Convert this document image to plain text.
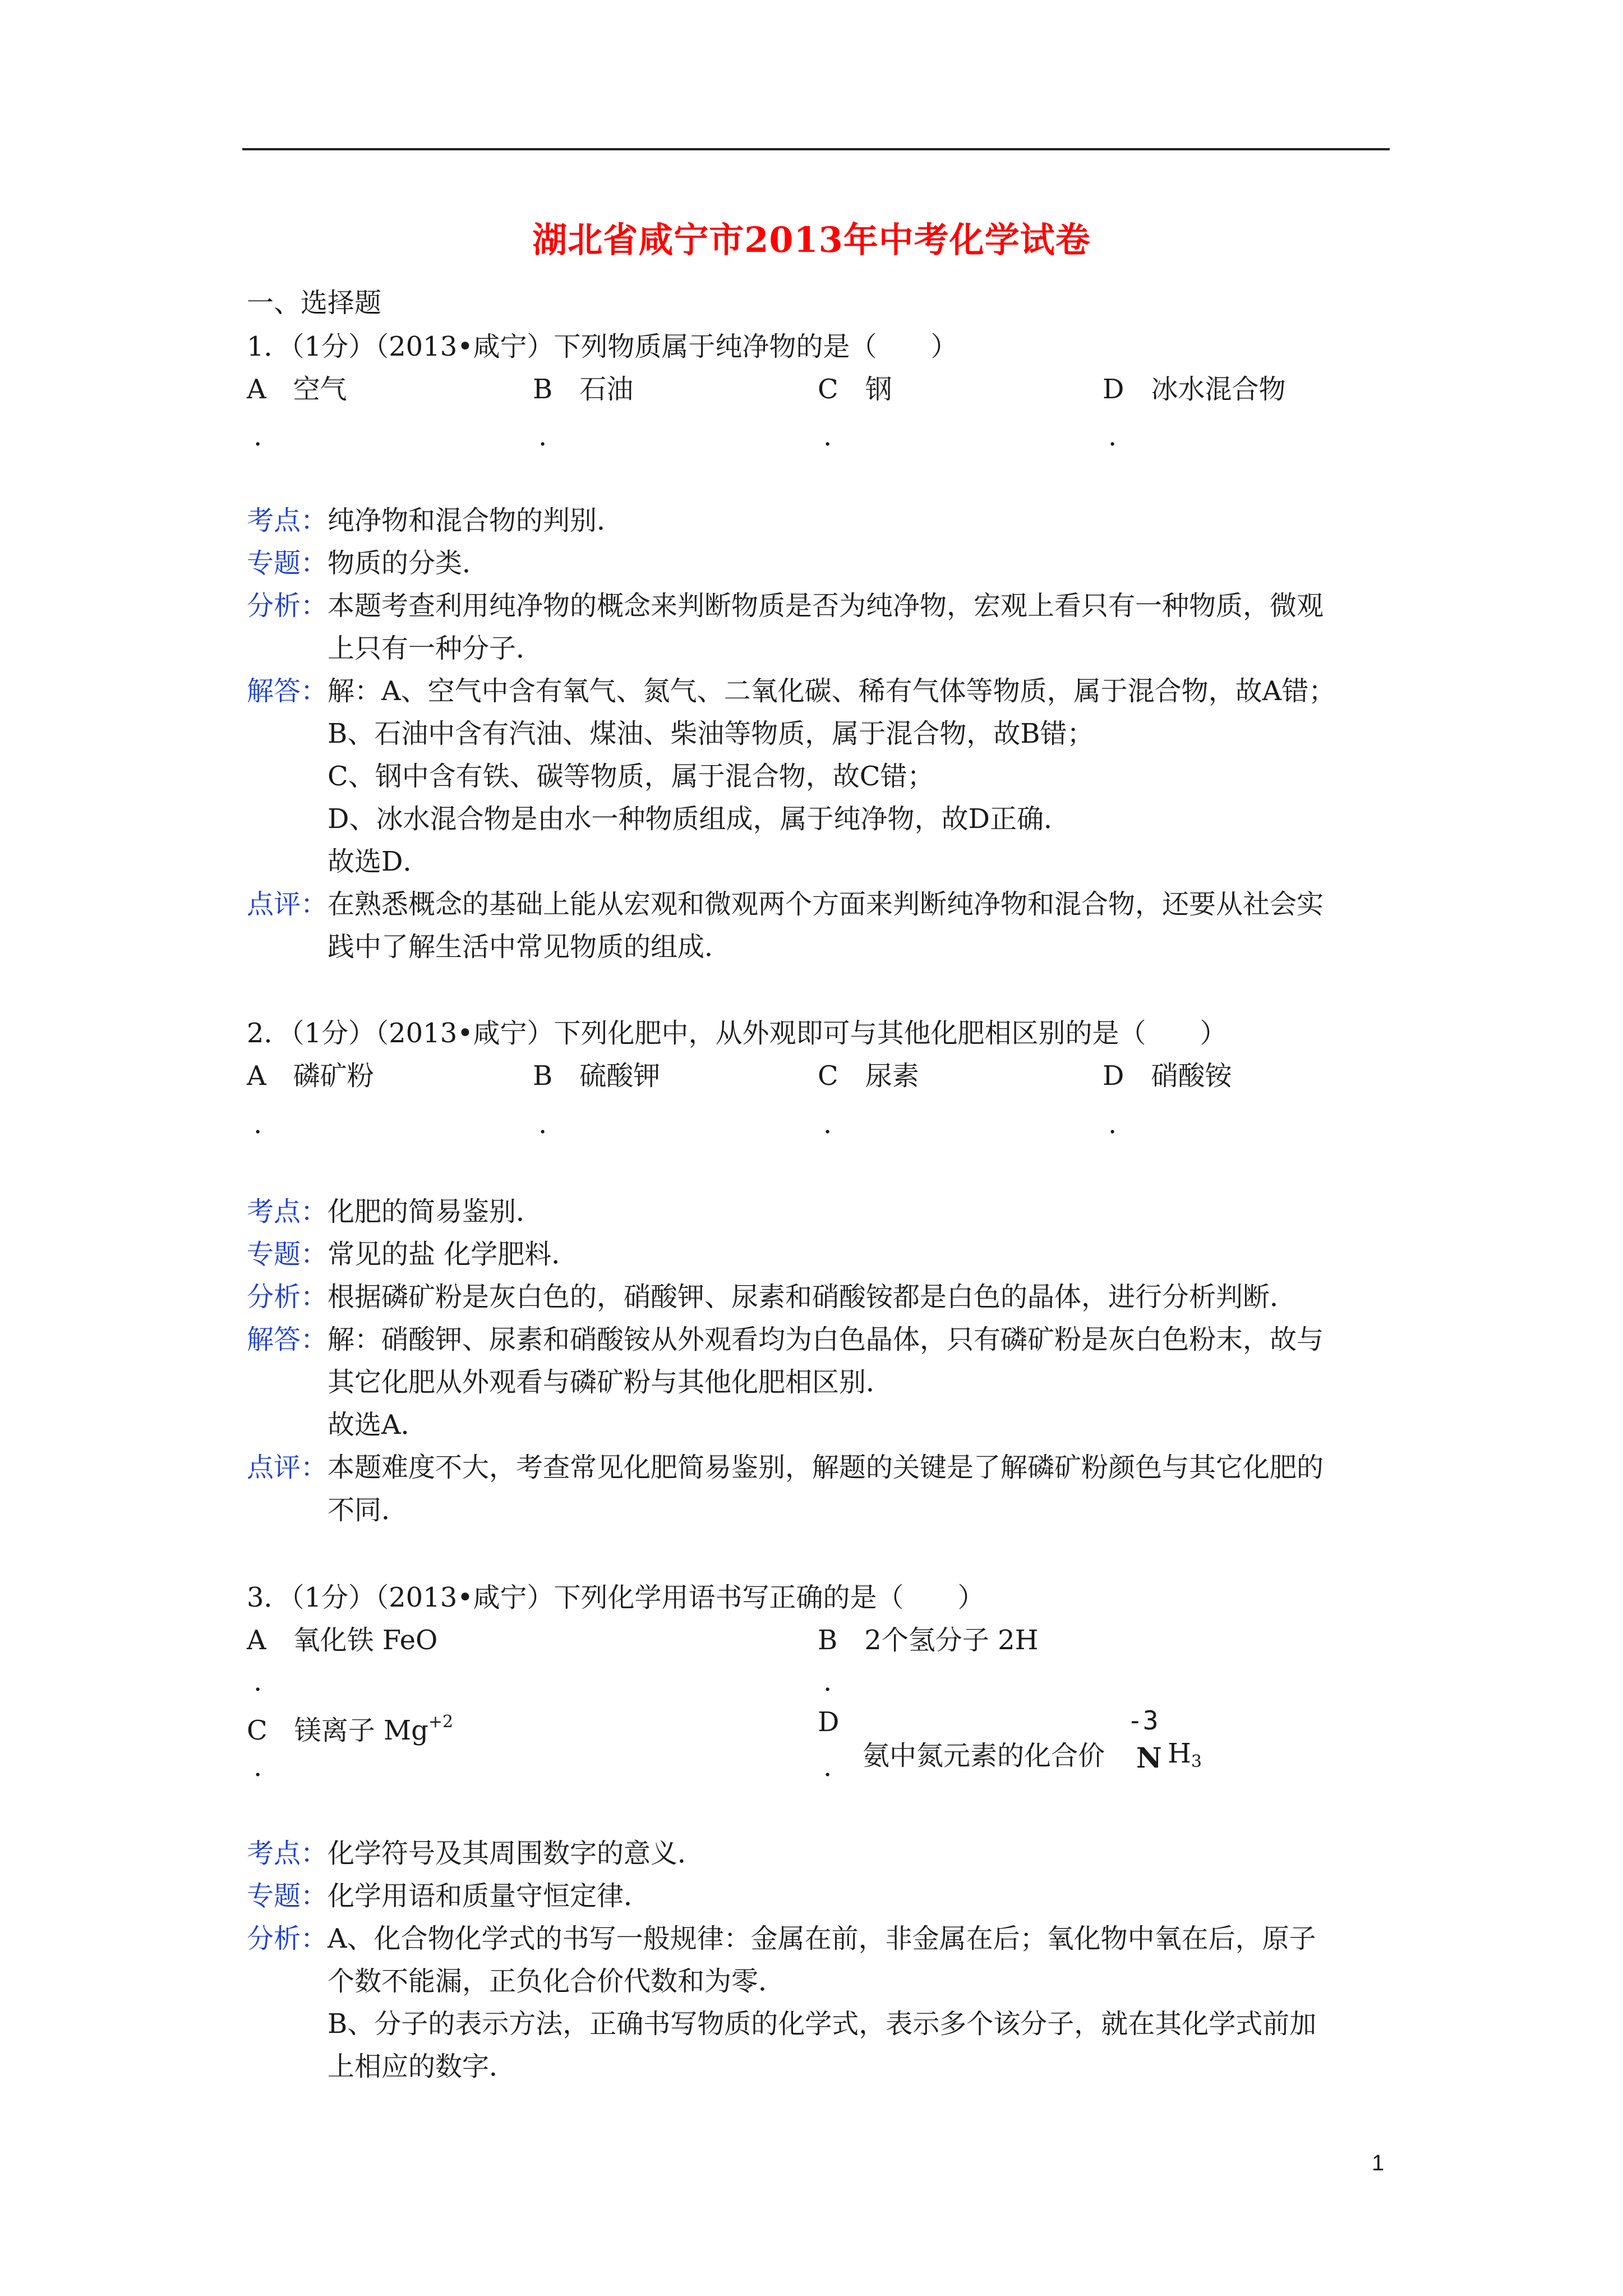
湖北省咸宁市2013年中考化学试卷
一、选择题
1．（1分）（2013•咸宁）下列物质属于纯净物的是（　　）
A　空气	B　石油	C　钢	D　冰水混合物
.	.	.	.
考点： 纯净物和混合物的判别．
专题： 物质的分类．
分析： 本题考查利用纯净物的概念来判断物质是否为纯净物，宏观上看只有一种物质，微观
上只有一种分子．
解答： 解：A、空气中含有氧气、氮气、二氧化碳、稀有气体等物质，属于混合物，故A错；
B、石油中含有汽油、煤油、柴油等物质，属于混合物，故B错；
C、钢中含有铁、碳等物质，属于混合物，故C错；
D、冰水混合物是由水一种物质组成，属于纯净物，故D正确．
故选D．
点评： 在熟悉概念的基础上能从宏观和微观两个方面来判断纯净物和混合物，还要从社会实
践中了解生活中常见物质的组成．
2．（1分）（2013•咸宁）下列化肥中，从外观即可与其他化肥相区别的是（　　）
A　磷矿粉	B　硫酸钾	C　尿素	D　硝酸铵
.	.	.	.
考点： 化肥的简易鉴别．
专题： 常见的盐 化学肥料．
分析： 根据磷矿粉是灰白色的，硝酸钾、尿素和硝酸铵都是白色的晶体，进行分析判断．
解答： 解：硝酸钾、尿素和硝酸铵从外观看均为白色晶体，只有磷矿粉是灰白色粉末，故与
其它化肥从外观看与磷矿粉与其他化肥相区别．
故选A．
点评： 本题难度不大，考查常见化肥简易鉴别，解题的关键是了解磷矿粉颜色与其它化肥的
不同．
3．（1分）（2013•咸宁）下列化学用语书写正确的是（　　）
A　氧化铁 FeO	B　2个氢分子 2H
.	.
C　镁离子 $Mg^{+2}$
.
D
. 氨中氮元素的化合价
-3
N $H_3$
考点： 化学符号及其周围数字的意义．
专题： 化学用语和质量守恒定律．
分析： A、化合物化学式的书写一般规律：金属在前，非金属在后；氧化物中氧在后，原子
个数不能漏，正负化合价代数和为零．
B、分子的表示方法，正确书写物质的化学式，表示多个该分子，就在其化学式前加
上相应的数字．
1
